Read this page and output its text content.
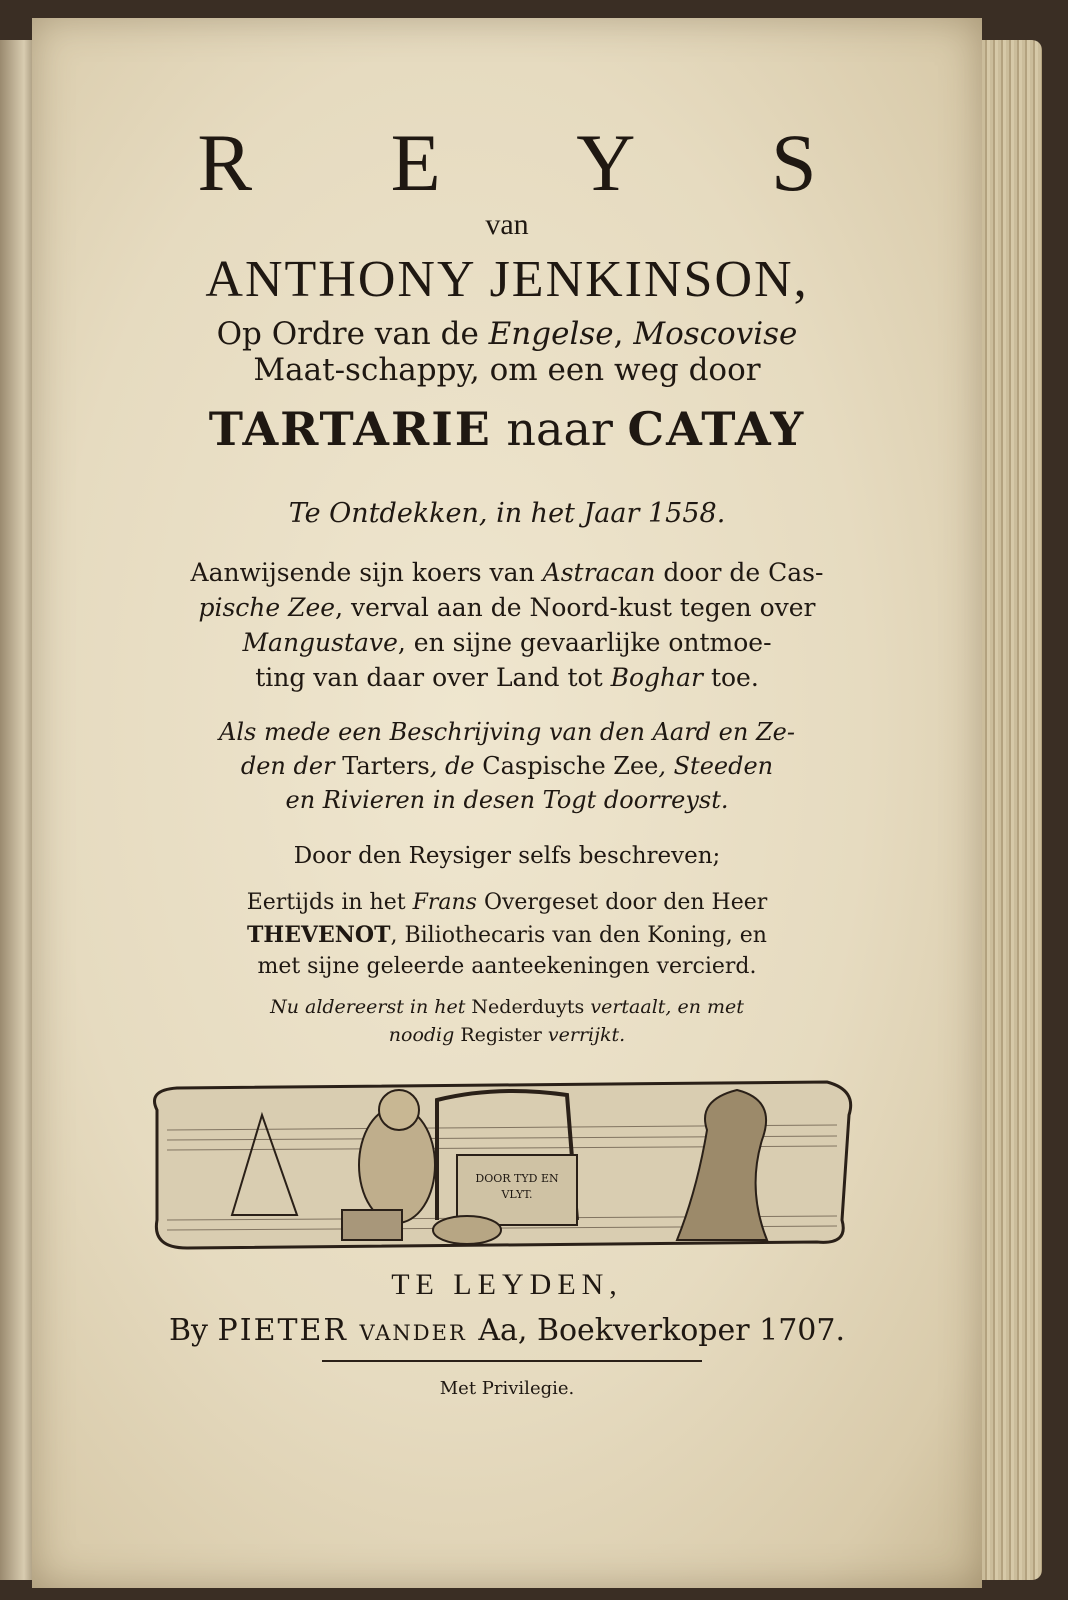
R E Y S
van
ANTHONY JENKINSON,
Op Ordre van de Engelse, Moscovise
Maat-schappy, om een weg door
TARTARIE naar CATAY
Te Ontdekken, in het Jaar 1558.
Aanwijsende sijn koers van Astracan door de Cas-
pische Zee, verval aan de Noord-kust tegen over
Mangustave, en sijne gevaarlijke ontmoe-
ting van daar over Land tot Boghar toe.
Als mede een Beschrijving van den Aard en Ze-
den der Tarters, de Caspische Zee, Steeden
en Rivieren in desen Togt doorreyst.
Door den Reysiger selfs beschreven;
Eertijds in het Frans Overgeset door den Heer
THEVENOT, Biliothecaris van den Koning, en
met sijne geleerde aanteekeningen vercierd.
Nu aldereerst in het Nederduyts vertaalt, en met
noodig Register verrijkt.
DOOR TYD EN
VLYT.
TE LEYDEN,
By PIETER vander Aa, Boekverkoper 1707.
Met Privilegie.
